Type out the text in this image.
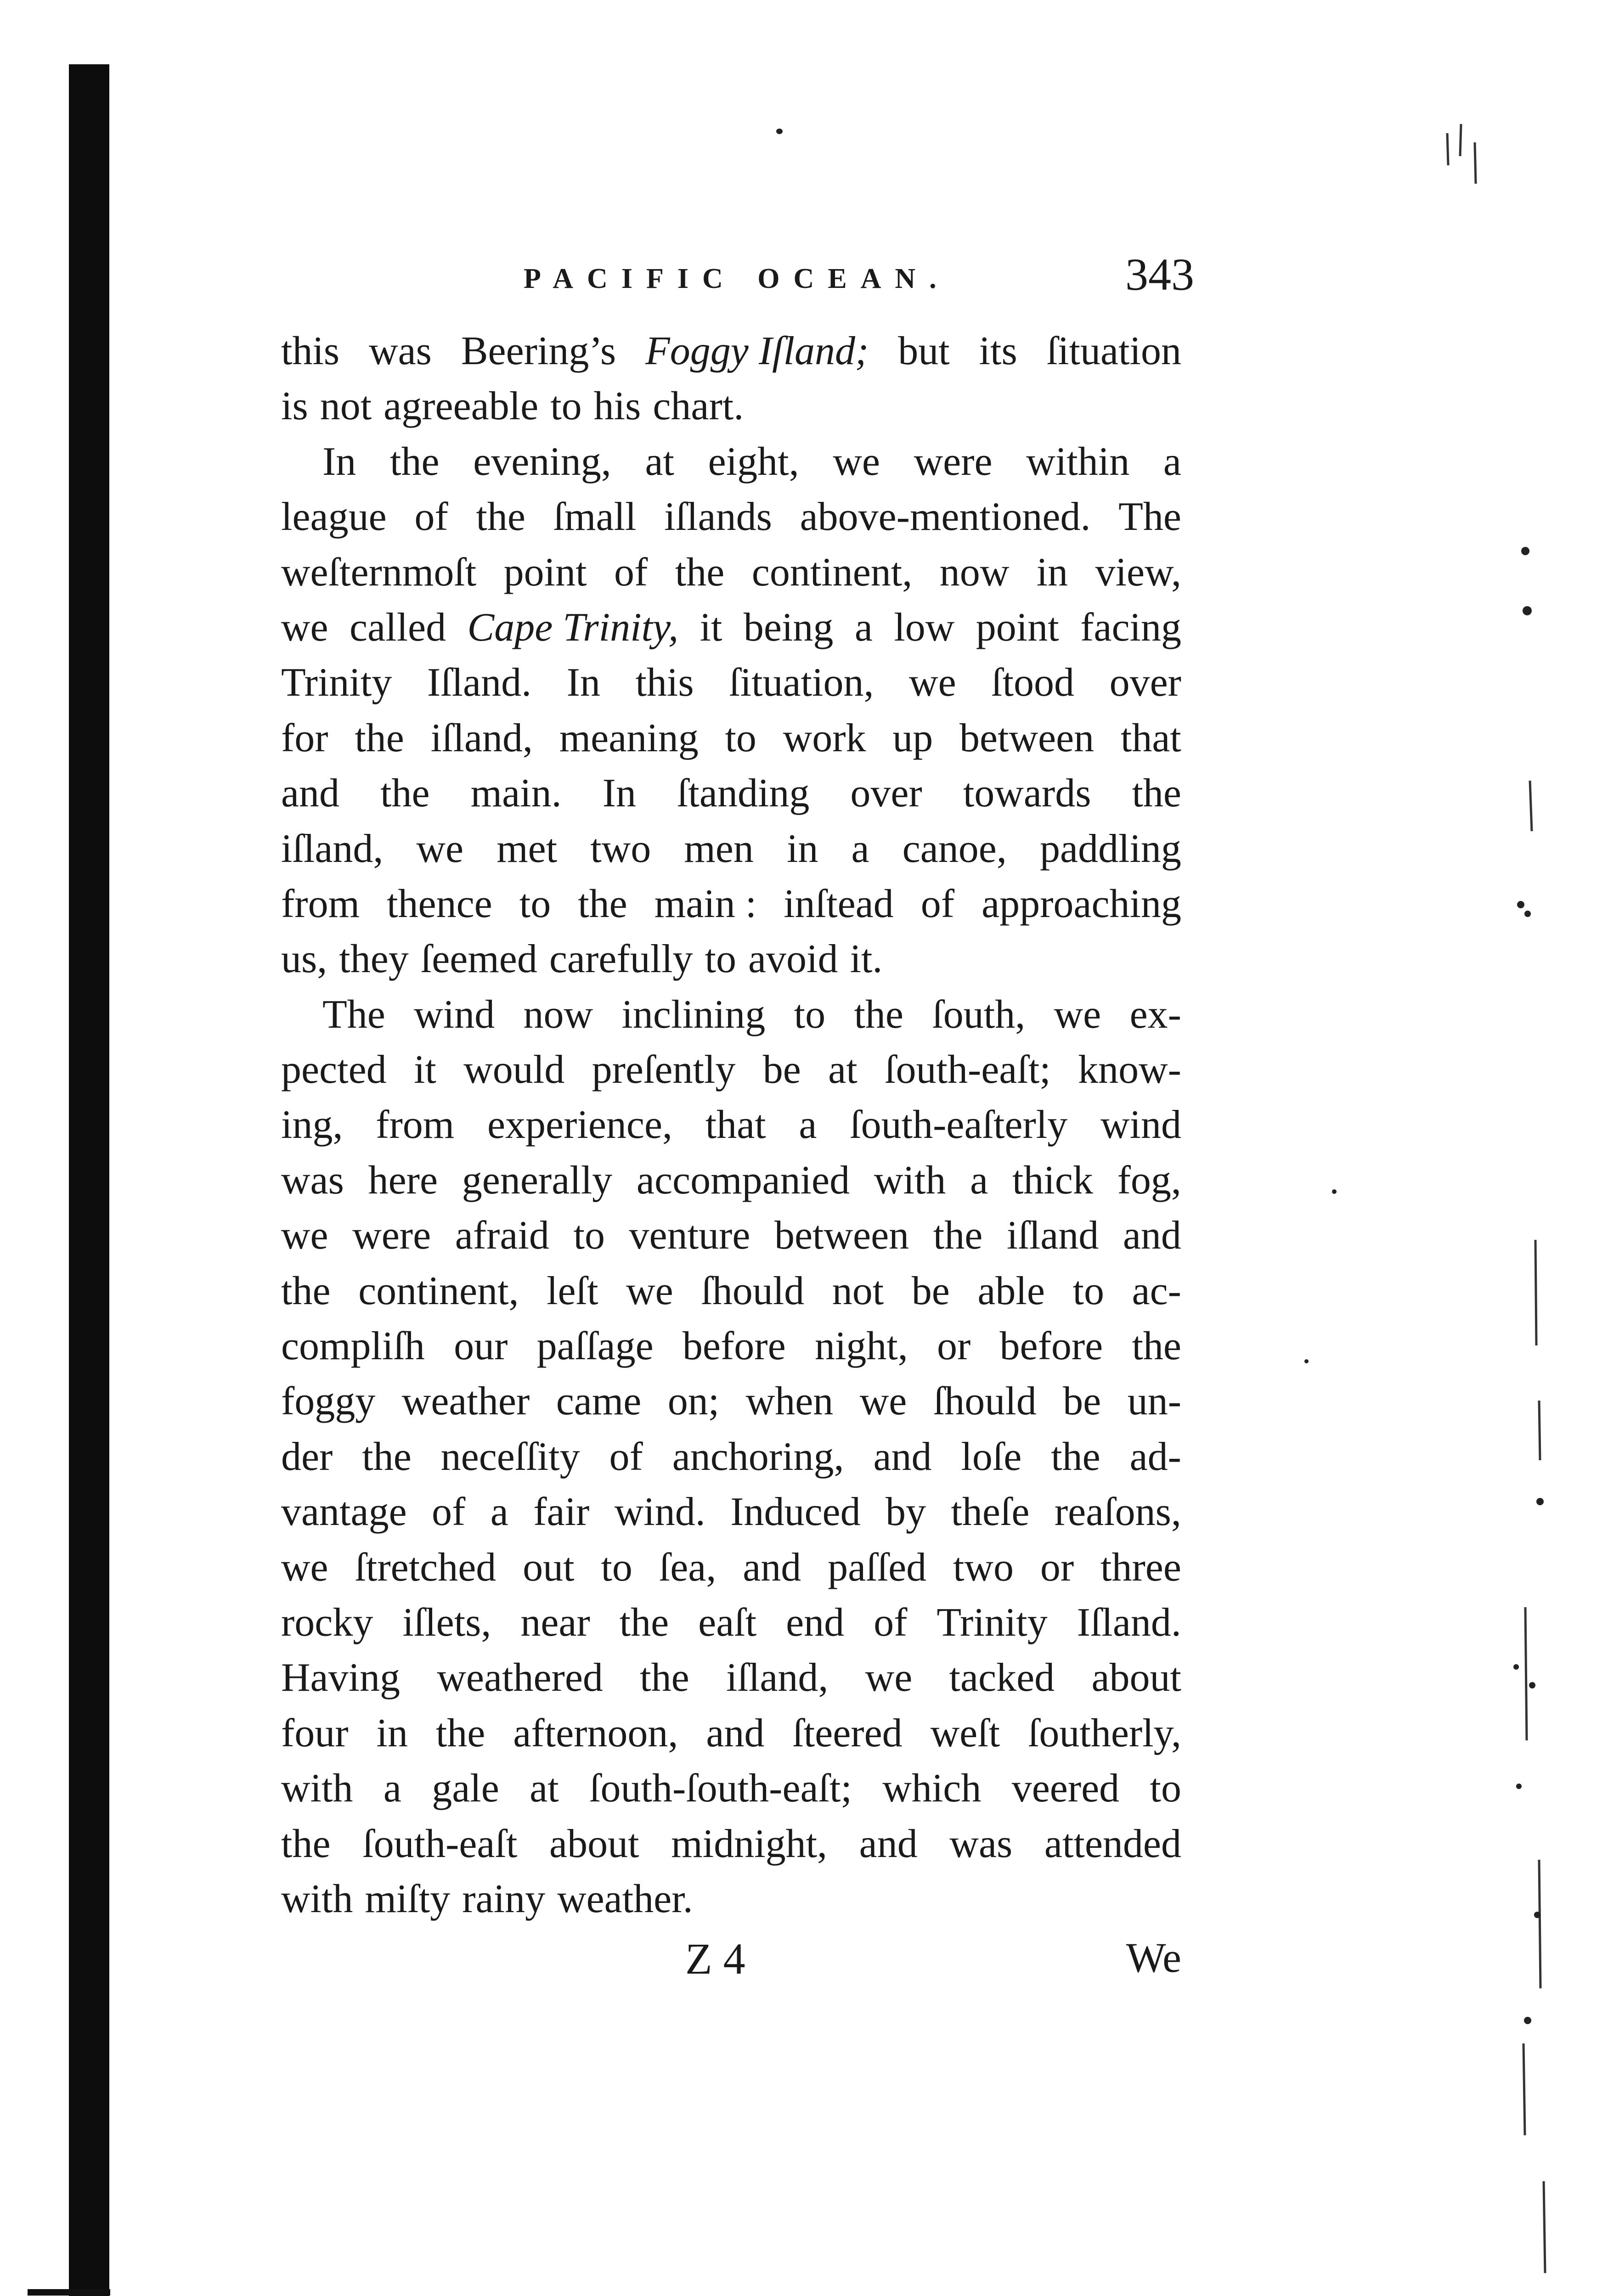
PACIFIC OCEAN.	343
this was Beering’s Foggy Iſland; but its ſituation
is not agreeable to his chart.
In the evening, at eight, we were within a
league of the ſmall iſlands above-mentioned. The
weſternmoſt point of the continent, now in view,
we called Cape Trinity, it being a low point facing
Trinity Iſland. In this ſituation, we ſtood over
for the iſland, meaning to work up between that
and the main. In ſtanding over towards the
iſland, we met two men in a canoe, paddling
from thence to the main : inſtead of approaching
us, they ſeemed carefully to avoid it.
The wind now inclining to the ſouth, we ex-
pected it would preſently be at ſouth-eaſt; know-
ing, from experience, that a ſouth-eaſterly wind
was here generally accompanied with a thick fog,
we were afraid to venture between the iſland and
the continent, leſt we ſhould not be able to ac-
compliſh our paſſage before night, or before the
foggy weather came on; when we ſhould be un-
der the neceſſity of anchoring, and loſe the ad-
vantage of a fair wind. Induced by theſe reaſons,
we ſtretched out to ſea, and paſſed two or three
rocky iſlets, near the eaſt end of Trinity Iſland.
Having weathered the iſland, we tacked about
four in the afternoon, and ſteered weſt ſoutherly,
with a gale at ſouth-ſouth-eaſt; which veered to
the ſouth-eaſt about midnight, and was attended
with miſty rainy weather.
Z 4	We
